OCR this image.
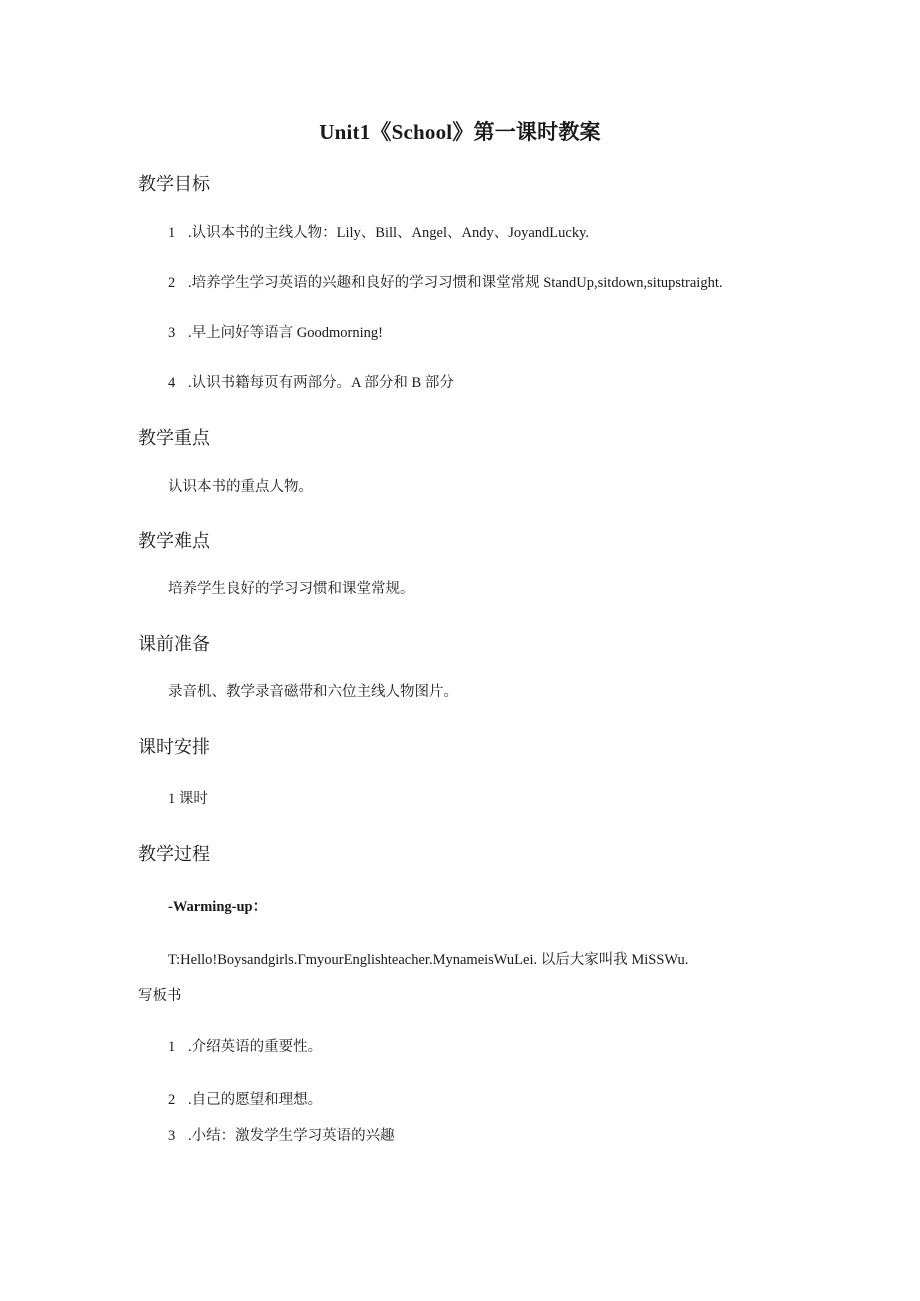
Unit1《School》第一课时教案
教学目标

1 .认识本书的主线人物：Lily、Bill、Angel、Andy、JoyandLucky.

2 .培养学生学习英语的兴趣和良好的学习习惯和课堂常规 StandUp,sitdown,situpstraight.

3 .早上问好等语言 Goodmorning!

4 .认识书籍每页有两部分。A 部分和 B 部分

教学重点

认识本书的重点人物。

教学难点

培养学生良好的学习习惯和课堂常规。

课前准备

录音机、教学录音磁带和六位主线人物图片。

课时安排

1 课时

教学过程

-Warming-up：

T:Hello!Boysandgirls.ΓmyourEnglishteacher.MynameisWuLei. 以后大家叫我 MiSSWu.

写板书

1 .介绍英语的重要性。

2 .自己的愿望和理想。

3 .小结：激发学生学习英语的兴趣
